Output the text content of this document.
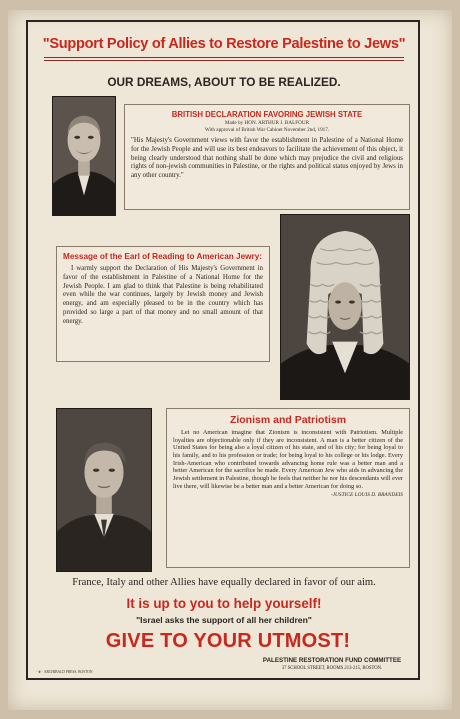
"Support Policy of Allies to Restore Palestine to Jews"
OUR DREAMS, ABOUT TO BE REALIZED.
BRITISH DECLARATION FAVORING JEWISH STATE
Made by HON. ARTHUR J. BALFOUR
With approval of British War Cabinet November 2nd, 1917.
"His Majesty's Government views with favor the establishment in Palestine of a National Home for the Jewish People and will use its best endeavors to facilitate the achievement of this object, it being clearly understood that nothing shall be done which may prejudice the civil and religious rights of non-jewish communities in Palestine, or the rights and political status enjoyed by Jews in any other country."
Message of the Earl of Reading to American Jewry:
I warmly support the Declaration of His Majesty's Government in favor of the establishment in Palestine of a National Home for the Jewish People. I am glad to think that Palestine is being rehabilitated even while the war continues, largely by Jewish money and Jewish energy, and am especially pleased to be in the country which has provided so large a part of that money and no small amount of that energy.
Zionism and Patriotism
Let no American imagine that Zionism is inconsistent with Patriotism. Multiple loyalties are objectionable only if they are inconsistent. A man is a better citizen of the United States for being also a loyal citizen of his state, and of his city; for being loyal to his family, and to his profession or trade; for being loyal to his college or his lodge. Every Irish-American who contributed towards advancing home rule was a better man and a better American for the sacrifice he made. Every American Jew who aids in advancing the Jewish settlement in Palestine, though he feels that neither he nor his descendants will ever live there, will likewise be a better man and a better American for doing so.
-JUSTICE LOUIS D. BRANDEIS
France, Italy and other Allies have equally declared in favor of our aim.
It is up to you to help yourself!
"Israel asks the support of all her children"
GIVE TO YOUR UTMOST!
PALESTINE RESTORATION FUND COMMITTEE
37 SCHOOL STREET, ROOMS 213-215, BOSTON.
· ❦ · ARCHIBALD PRESS, BOSTON
